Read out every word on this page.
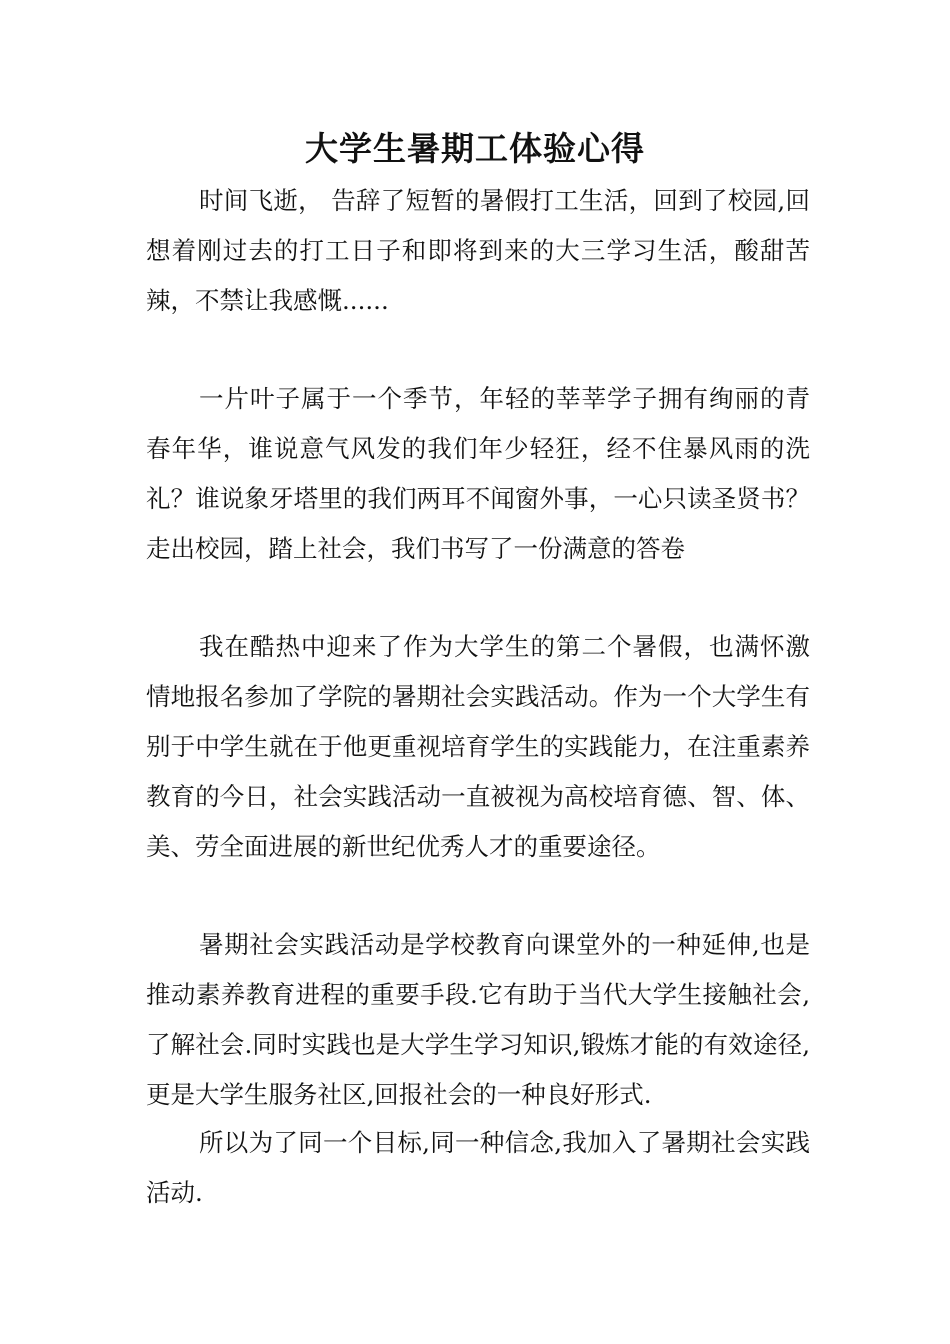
大学生暑期工体验心得

时间飞逝， 告辞了短暂的暑假打工生活，回到了校园,回想着刚过去的打工日子和即将到来的大三学习生活，酸甜苦辣，不禁让我感慨......

一片叶子属于一个季节，年轻的莘莘学子拥有绚丽的青春年华，谁说意气风发的我们年少轻狂，经不住暴风雨的洗礼？谁说象牙塔里的我们两耳不闻窗外事，一心只读圣贤书？走出校园，踏上社会，我们书写了一份满意的答卷

我在酷热中迎来了作为大学生的第二个暑假，也满怀激情地报名参加了学院的暑期社会实践活动。作为一个大学生有别于中学生就在于他更重视培育学生的实践能力，在注重素养教育的今日，社会实践活动一直被视为高校培育德、智、体、美、劳全面进展的新世纪优秀人才的重要途径。

暑期社会实践活动是学校教育向课堂外的一种延伸,也是推动素养教育进程的重要手段.它有助于当代大学生接触社会,了解社会.同时实践也是大学生学习知识,锻炼才能的有效途径,更是大学生服务社区,回报社会的一种良好形式.

所以为了同一个目标,同一种信念,我加入了暑期社会实践活动.
